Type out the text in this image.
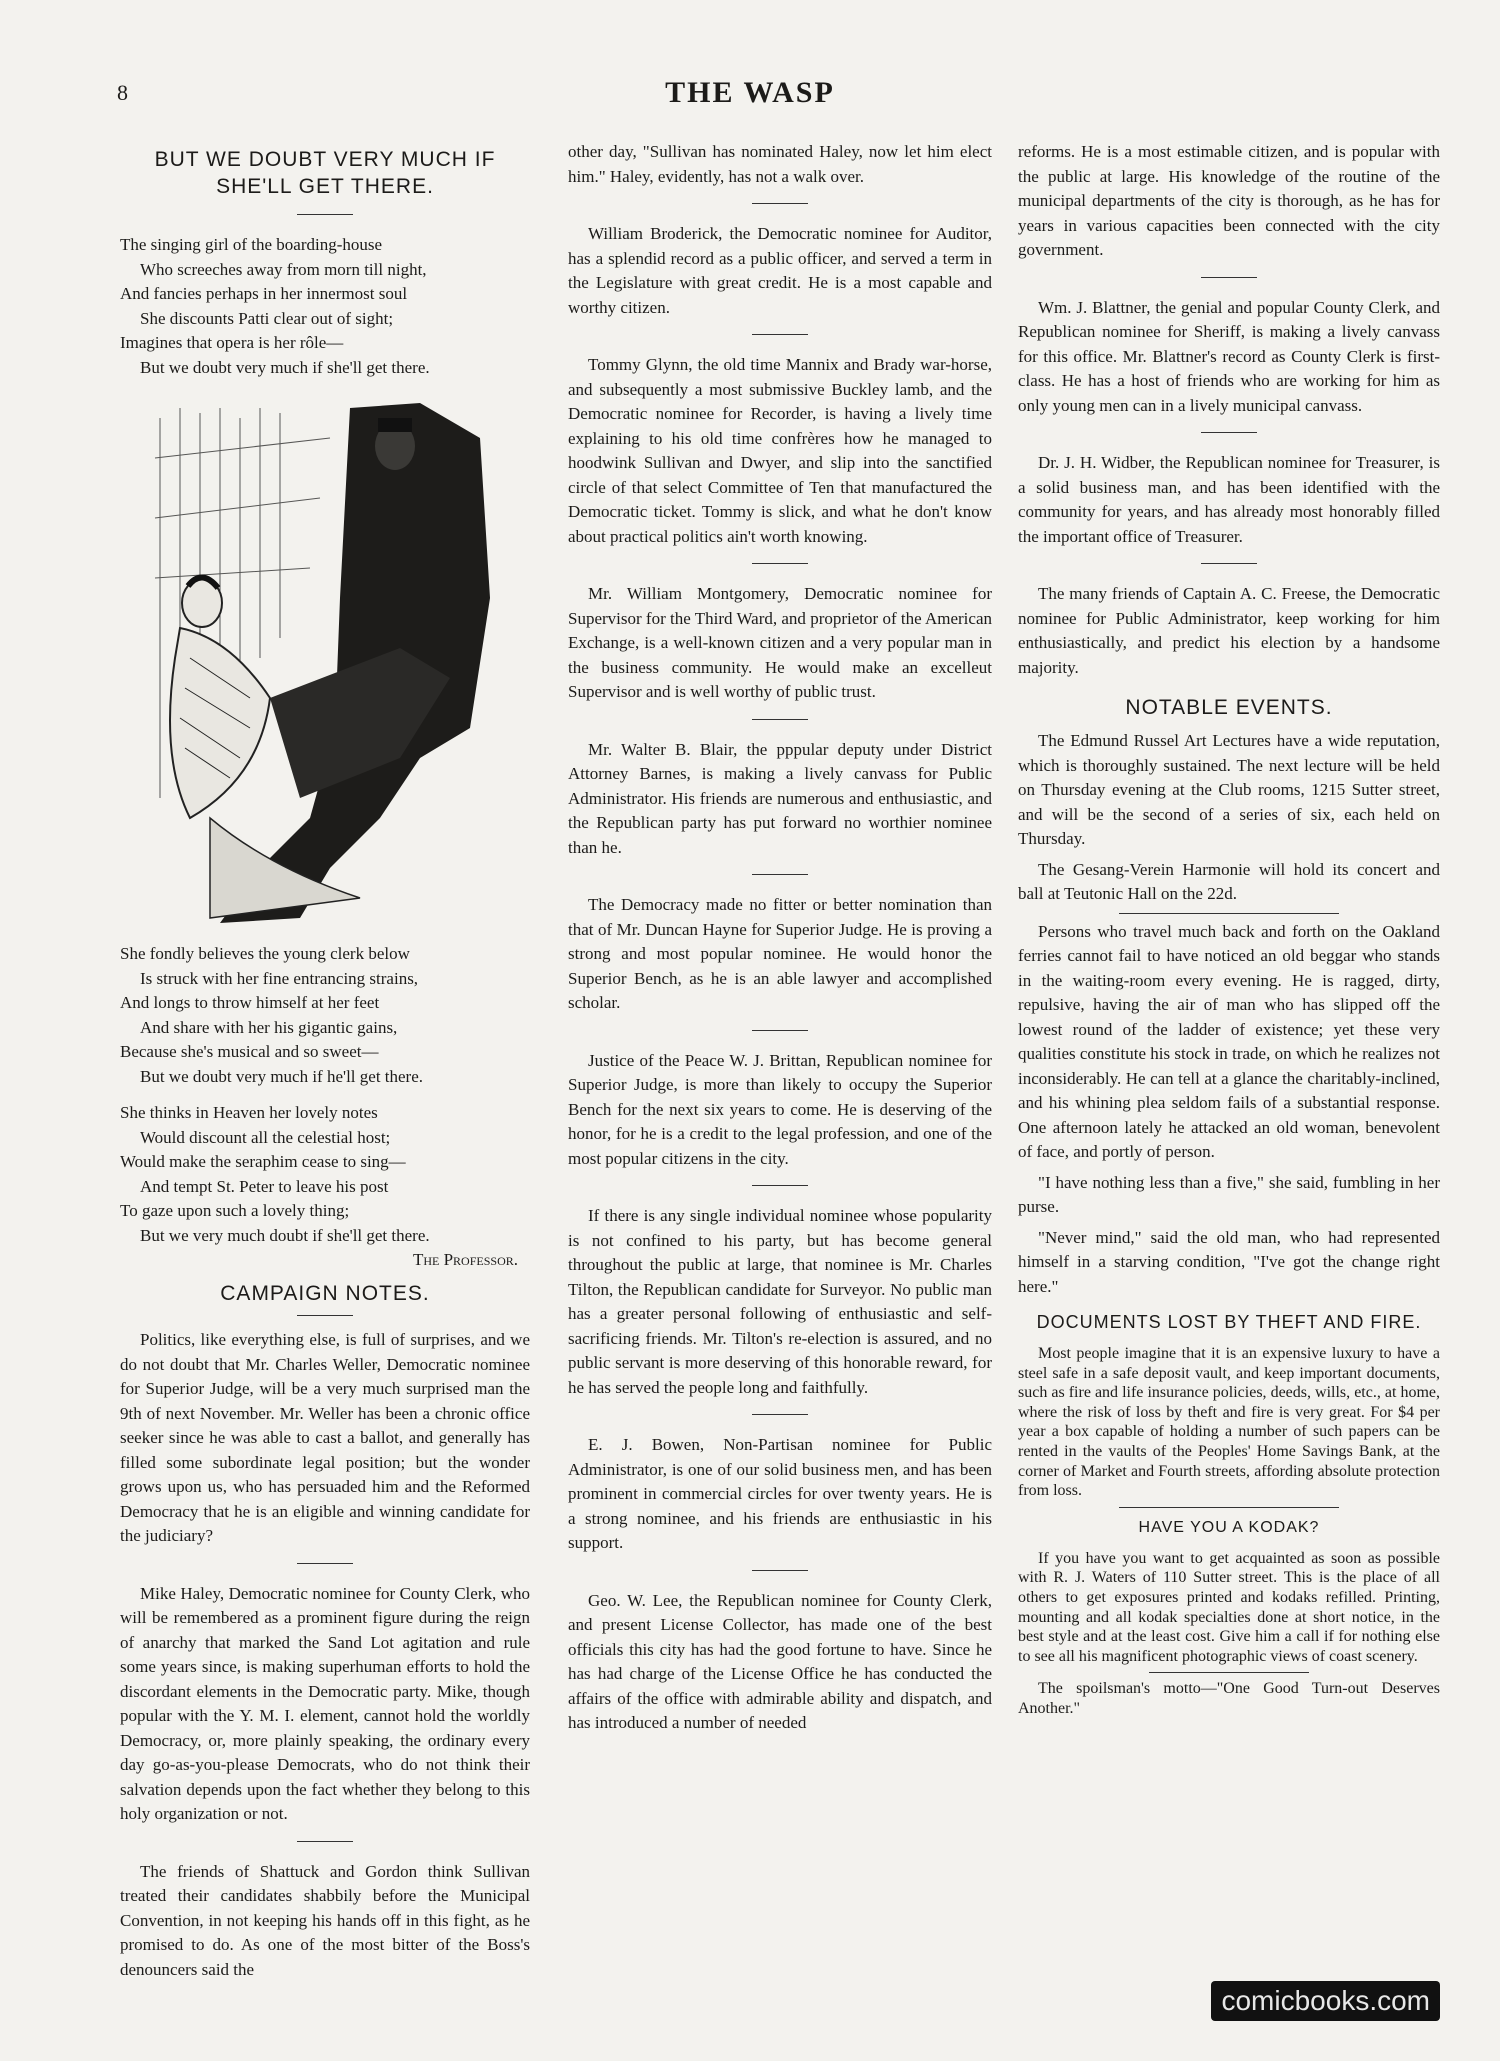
8	THE WASP
BUT WE DOUBT VERY MUCH IF SHE'LL GET THERE.
The singing girl of the boarding-house
Who screeches away from morn till night,
And fancies perhaps in her innermost soul
She discounts Patti clear out of sight;
Imagines that opera is her rôle—
But we doubt very much if she'll get there.
She fondly believes the young clerk below
Is struck with her fine entrancing strains,
And longs to throw himself at her feet
And share with her his gigantic gains,
Because she's musical and so sweet—
But we doubt very much if he'll get there.
She thinks in Heaven her lovely notes
Would discount all the celestial host;
Would make the seraphim cease to sing—
And tempt St. Peter to leave his post
To gaze upon such a lovely thing;
But we very much doubt if she'll get there.
The Professor.
CAMPAIGN NOTES.

Politics, like everything else, is full of surprises, and we do not doubt that Mr. Charles Weller, Democratic nominee for Superior Judge, will be a very much surprised man the 9th of next November. Mr. Weller has been a chronic office seeker since he was able to cast a ballot, and generally has filled some subordinate legal position; but the wonder grows upon us, who has persuaded him and the Reformed Democracy that he is an eligible and winning candidate for the judiciary?

Mike Haley, Democratic nominee for County Clerk, who will be remembered as a prominent figure during the reign of anarchy that marked the Sand Lot agitation and rule some years since, is making superhuman efforts to hold the discordant elements in the Democratic party. Mike, though popular with the Y. M. I. element, cannot hold the worldly Democracy, or, more plainly speaking, the ordinary every day go-as-you-please Democrats, who do not think their salvation depends upon the fact whether they belong to this holy organization or not.

The friends of Shattuck and Gordon think Sullivan treated their candidates shabbily before the Municipal Convention, in not keeping his hands off in this fight, as he promised to do. As one of the most bitter of the Boss's denouncers said the

other day, "Sullivan has nominated Haley, now let him elect him." Haley, evidently, has not a walk over.

William Broderick, the Democratic nominee for Auditor, has a splendid record as a public officer, and served a term in the Legislature with great credit. He is a most capable and worthy citizen.

Tommy Glynn, the old time Mannix and Brady war-horse, and subsequently a most submissive Buckley lamb, and the Democratic nominee for Recorder, is having a lively time explaining to his old time confrères how he managed to hoodwink Sullivan and Dwyer, and slip into the sanctified circle of that select Committee of Ten that manufactured the Democratic ticket. Tommy is slick, and what he don't know about practical politics ain't worth knowing.

Mr. William Montgomery, Democratic nominee for Supervisor for the Third Ward, and proprietor of the American Exchange, is a well-known citizen and a very popular man in the business community. He would make an excelleut Supervisor and is well worthy of public trust.

Mr. Walter B. Blair, the pppular deputy under District Attorney Barnes, is making a lively canvass for Public Administrator. His friends are numerous and enthusiastic, and the Republican party has put forward no worthier nominee than he.

The Democracy made no fitter or better nomination than that of Mr. Duncan Hayne for Superior Judge. He is proving a strong and most popular nominee. He would honor the Superior Bench, as he is an able lawyer and accomplished scholar.

Justice of the Peace W. J. Brittan, Republican nominee for Superior Judge, is more than likely to occupy the Superior Bench for the next six years to come. He is deserving of the honor, for he is a credit to the legal profession, and one of the most popular citizens in the city.

If there is any single individual nominee whose popularity is not confined to his party, but has become general throughout the public at large, that nominee is Mr. Charles Tilton, the Republican candidate for Surveyor. No public man has a greater personal following of enthusiastic and self-sacrificing friends. Mr. Tilton's re-election is assured, and no public servant is more deserving of this honorable reward, for he has served the people long and faithfully.

E. J. Bowen, Non-Partisan nominee for Public Administrator, is one of our solid business men, and has been prominent in commercial circles for over twenty years. He is a strong nominee, and his friends are enthusiastic in his support.

Geo. W. Lee, the Republican nominee for County Clerk, and present License Collector, has made one of the best officials this city has had the good fortune to have. Since he has had charge of the License Office he has conducted the affairs of the office with admirable ability and dispatch, and has introduced a number of needed

reforms. He is a most estimable citizen, and is popular with the public at large. His knowledge of the routine of the municipal departments of the city is thorough, as he has for years in various capacities been connected with the city government.

Wm. J. Blattner, the genial and popular County Clerk, and Republican nominee for Sheriff, is making a lively canvass for this office. Mr. Blattner's record as County Clerk is first-class. He has a host of friends who are working for him as only young men can in a lively municipal canvass.

Dr. J. H. Widber, the Republican nominee for Treasurer, is a solid business man, and has been identified with the community for years, and has already most honorably filled the important office of Treasurer.

The many friends of Captain A. C. Freese, the Democratic nominee for Public Administrator, keep working for him enthusiastically, and predict his election by a handsome majority.

NOTABLE EVENTS.

The Edmund Russel Art Lectures have a wide reputation, which is thoroughly sustained. The next lecture will be held on Thursday evening at the Club rooms, 1215 Sutter street, and will be the second of a series of six, each held on Thursday.

The Gesang-Verein Harmonie will hold its concert and ball at Teutonic Hall on the 22d.

Persons who travel much back and forth on the Oakland ferries cannot fail to have noticed an old beggar who stands in the waiting-room every evening. He is ragged, dirty, repulsive, having the air of man who has slipped off the lowest round of the ladder of existence; yet these very qualities constitute his stock in trade, on which he realizes not inconsiderably. He can tell at a glance the charitably-inclined, and his whining plea seldom fails of a substantial response. One afternoon lately he attacked an old woman, benevolent of face, and portly of person.

"I have nothing less than a five," she said, fumbling in her purse.

"Never mind," said the old man, who had represented himself in a starving condition, "I've got the change right here."

DOCUMENTS LOST BY THEFT AND FIRE.

Most people imagine that it is an expensive luxury to have a steel safe in a safe deposit vault, and keep important documents, such as fire and life insurance policies, deeds, wills, etc., at home, where the risk of loss by theft and fire is very great. For $4 per year a box capable of holding a number of such papers can be rented in the vaults of the Peoples' Home Savings Bank, at the corner of Market and Fourth streets, affording absolute protection from loss.

HAVE YOU A KODAK?

If you have you want to get acquainted as soon as possible with R. J. Waters of 110 Sutter street. This is the place of all others to get exposures printed and kodaks refilled. Printing, mounting and all kodak specialties done at short notice, in the best style and at the least cost. Give him a call if for nothing else to see all his magnificent photographic views of coast scenery.

The spoilsman's motto—"One Good Turn-out Deserves Another."

comicbooks.com
